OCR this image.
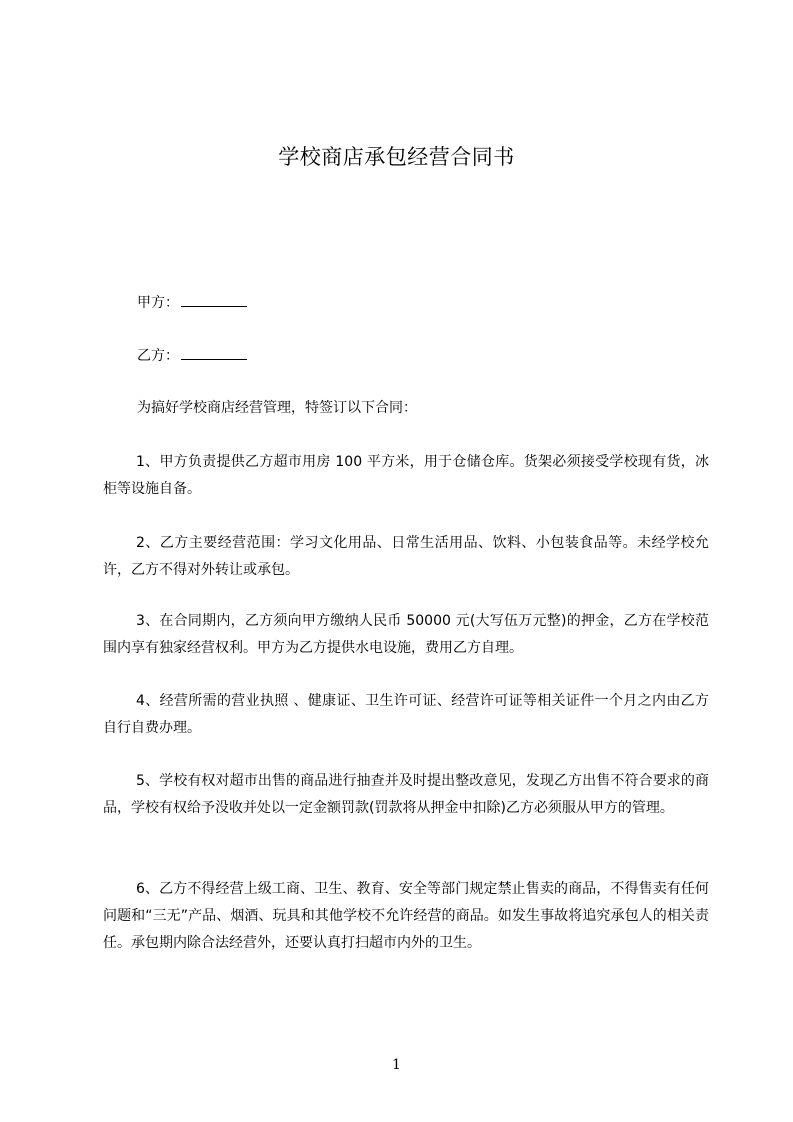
学校商店承包经营合同书
甲方：
乙方：
为搞好学校商店经营管理，特签订以下合同：
1、甲方负责提供乙方超市用房 100 平方米，用于仓储仓库。货架必须接受学校现有货，冰柜等设施自备。
2、乙方主要经营范围：学习文化用品、日常生活用品、饮料、小包装食品等。未经学校允许，乙方不得对外转让或承包。
3、在合同期内，乙方须向甲方缴纳人民币 50000 元(大写伍万元整)的押金，乙方在学校范围内享有独家经营权利。甲方为乙方提供水电设施，费用乙方自理。
4、经营所需的营业执照 、健康证、卫生许可证、经营许可证等相关证件一个月之内由乙方自行自费办理。
5、学校有权对超市出售的商品进行抽查并及时提出整改意见，发现乙方出售不符合要求的商品，学校有权给予没收并处以一定金额罚款(罚款将从押金中扣除)乙方必须服从甲方的管理。
6、乙方不得经营上级工商、卫生、教育、安全等部门规定禁止售卖的商品，不得售卖有任何问题和“三无”产品、烟酒、玩具和其他学校不允许经营的商品。如发生事故将追究承包人的相关责任。承包期内除合法经营外，还要认真打扫超市内外的卫生。
1
